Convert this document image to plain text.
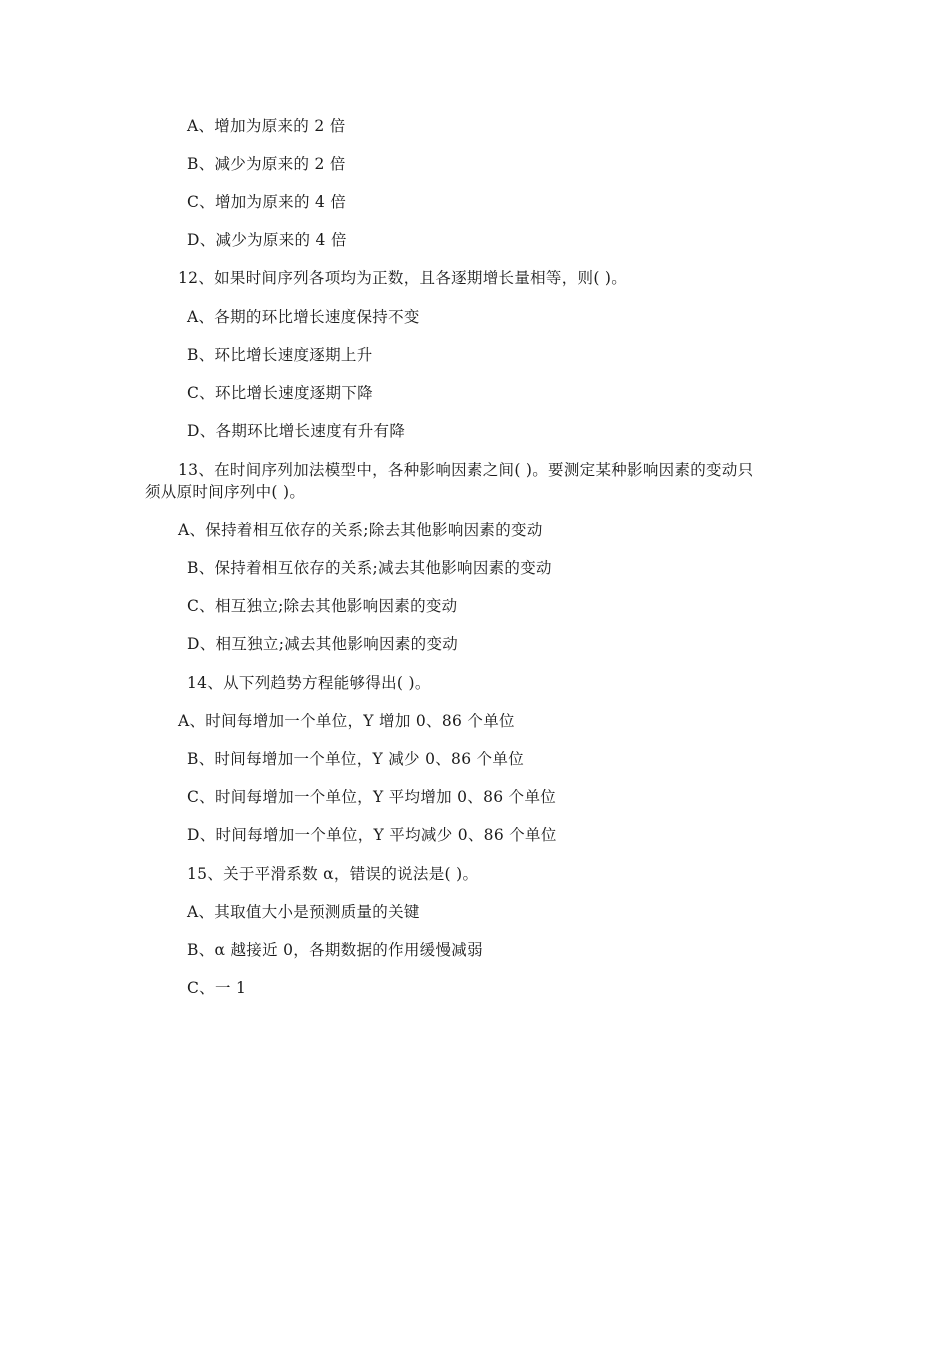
A、增加为原来的 2 倍
B、减少为原来的 2 倍
C、增加为原来的 4 倍
D、减少为原来的 4 倍
12、如果时间序列各项均为正数，且各逐期增长量相等，则( )。
A、各期的环比增长速度保持不变
B、环比增长速度逐期上升
C、环比增长速度逐期下降
D、各期环比增长速度有升有降
13、在时间序列加法模型中，各种影响因素之间( )。要测定某种影响因素的变动只
须从原时间序列中( )。
A、保持着相互依存的关系;除去其他影响因素的变动
B、保持着相互依存的关系;减去其他影响因素的变动
C、相互独立;除去其他影响因素的变动
D、相互独立;减去其他影响因素的变动
14、从下列趋势方程能够得出( )。
A、时间每增加一个单位，Y 增加 0、86 个单位
B、时间每增加一个单位，Y 减少 0、86 个单位
C、时间每增加一个单位，Y 平均增加 0、86 个单位
D、时间每增加一个单位，Y 平均减少 0、86 个单位
15、关于平滑系数 α，错误的说法是( )。
A、其取值大小是预测质量的关键
B、α 越接近 0，各期数据的作用缓慢减弱
C、一 1
